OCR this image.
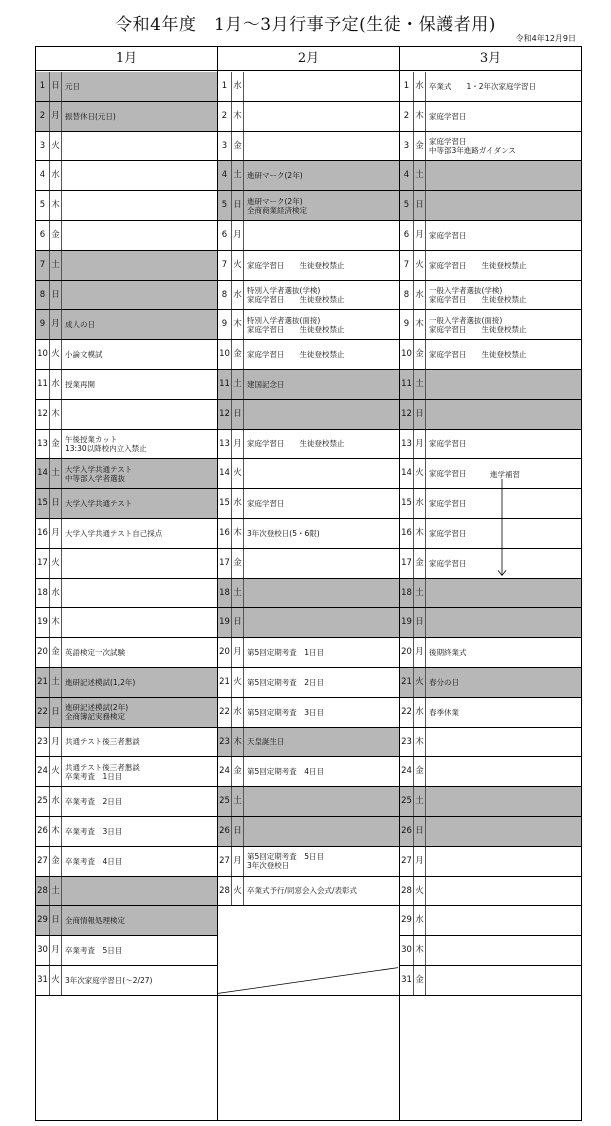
令和4年度　1月～3月行事予定(生徒・保護者用)
令和4年12月9日
1月
1 日 元日
2 月 振替休日(元日)
3 火
4 水
5 木
6 金
7 土
8 日
9 月 成人の日
10 火 小論文模試
11 水 授業再開
12 木
13 金 午後授業カット
13:30以降校内立入禁止
14 土 大学入学共通テスト
中等部入学者選抜
15 日 大学入学共通テスト
16 月 大学入学共通テスト自己採点
17 火
18 水
19 木
20 金 英語検定一次試験
21 土 進研記述模試(1,2年)
22 日 進研記述模試(2年)
全商簿記実務検定
23 月 共通テスト後三者懇談
24 火 共通テスト後三者懇談
卒業考査　1日目
25 水 卒業考査　2日目
26 木 卒業考査　3日目
27 金 卒業考査　4日目
28 土
29 日 全商情報処理検定
30 月 卒業考査　5日目
31 火 3年次家庭学習日(～2/27)
2月
1 水
2 木
3 金
4 土 進研マーク(2年)
5 日 進研マーク(2年)
全商商業経済検定
6 月
7 火 家庭学習日　　生徒登校禁止
8 水 特別入学者選抜(学検)
家庭学習日　　生徒登校禁止
9 木 特別入学者選抜(面接)
家庭学習日　　生徒登校禁止
10 金 家庭学習日　　生徒登校禁止
11 土 建国記念日
12 日
13 月 家庭学習日　　生徒登校禁止
14 火
15 水 家庭学習日
16 木 3年次登校日(5・6限)
17 金
18 土
19 日
20 月 第5回定期考査　1日目
21 火 第5回定期考査　2日目
22 水 第5回定期考査　3日目
23 木 天皇誕生日
24 金 第5回定期考査　4日目
25 土
26 日
27 月 第5回定期考査　5日目
3年次登校日
28 火 卒業式予行/同窓会入会式/表彰式
3月
1 水 卒業式　　1・2年次家庭学習日
2 木 家庭学習日
3 金 家庭学習日
中等部3年進路ガイダンス
4 土
5 日
6 月 家庭学習日
7 火 家庭学習日　　生徒登校禁止
8 水 一般入学者選抜(学検)
家庭学習日　　生徒登校禁止
9 木 一般入学者選抜(面接)
家庭学習日　　生徒登校禁止
10 金 家庭学習日　　生徒登校禁止
11 土
12 日
13 月 家庭学習日
14 火 家庭学習日
15 水 家庭学習日
16 木 家庭学習日
17 金 家庭学習日
18 土
19 日
20 月 後期終業式
21 火 春分の日
22 水 春季休業
23 木
24 金
25 土
26 日
27 月
28 火
29 水
30 木
31 金
進学補習
